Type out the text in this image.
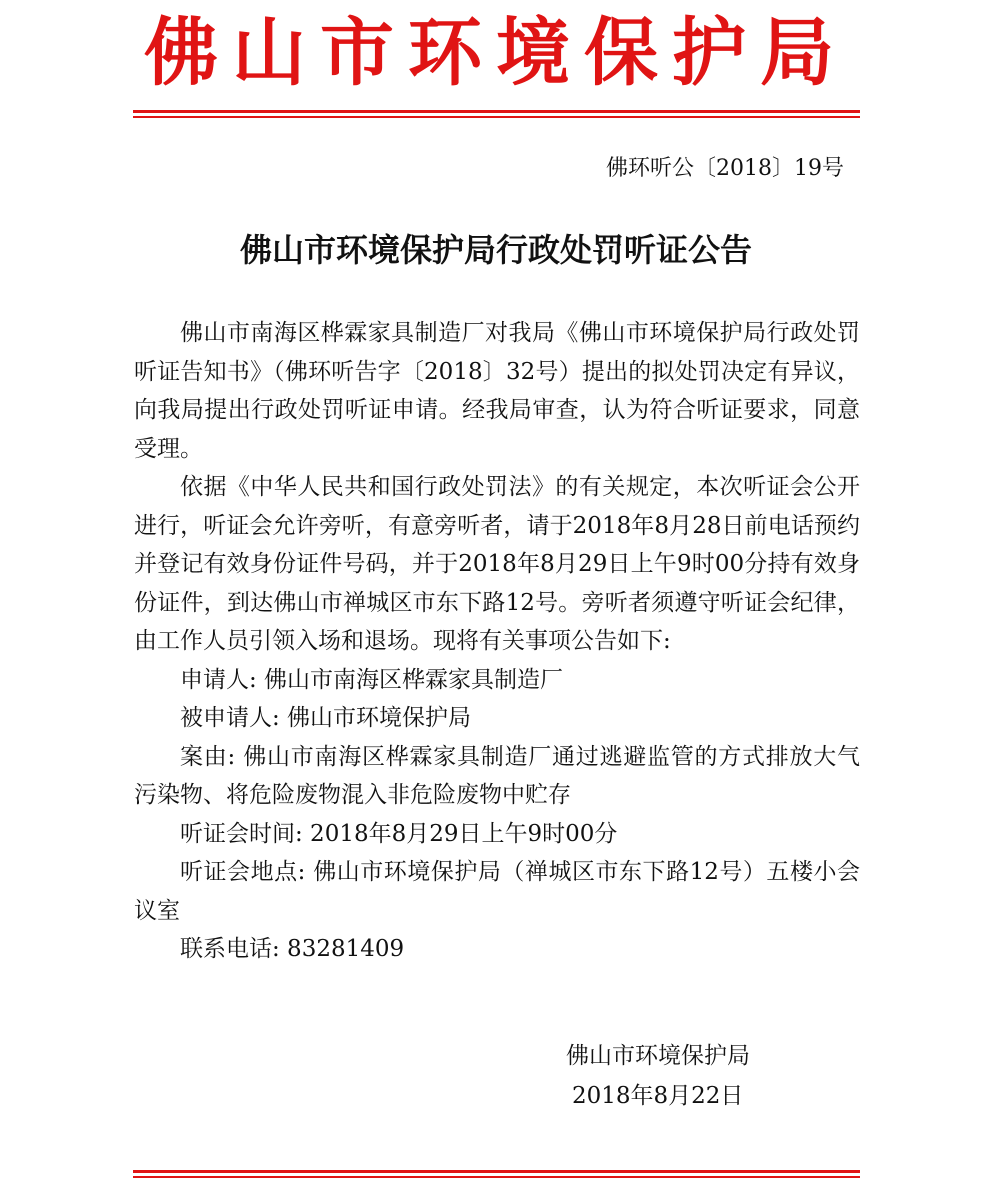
佛山市环境保护局
佛环听公〔2018〕19号
佛山市环境保护局行政处罚听证公告

佛山市南海区桦霖家具制造厂对我局《佛山市环境保护局行政处罚听证告知书》（佛环听告字〔2018〕32号）提出的拟处罚决定有异议，向我局提出行政处罚听证申请。经我局审查，认为符合听证要求，同意受理。

依据《中华人民共和国行政处罚法》的有关规定，本次听证会公开进行，听证会允许旁听，有意旁听者，请于2018年8月28日前电话预约并登记有效身份证件号码，并于2018年8月29日上午9时00分持有效身份证件，到达佛山市禅城区市东下路12号。旁听者须遵守听证会纪律，由工作人员引领入场和退场。现将有关事项公告如下:

申请人: 佛山市南海区桦霖家具制造厂

被申请人: 佛山市环境保护局

案由: 佛山市南海区桦霖家具制造厂通过逃避监管的方式排放大气污染物、将危险废物混入非危险废物中贮存

听证会时间: 2018年8月29日上午9时00分

听证会地点: 佛山市环境保护局（禅城区市东下路12号）五楼小会议室

联系电话: 83281409

佛山市环境保护局
2018年8月22日
